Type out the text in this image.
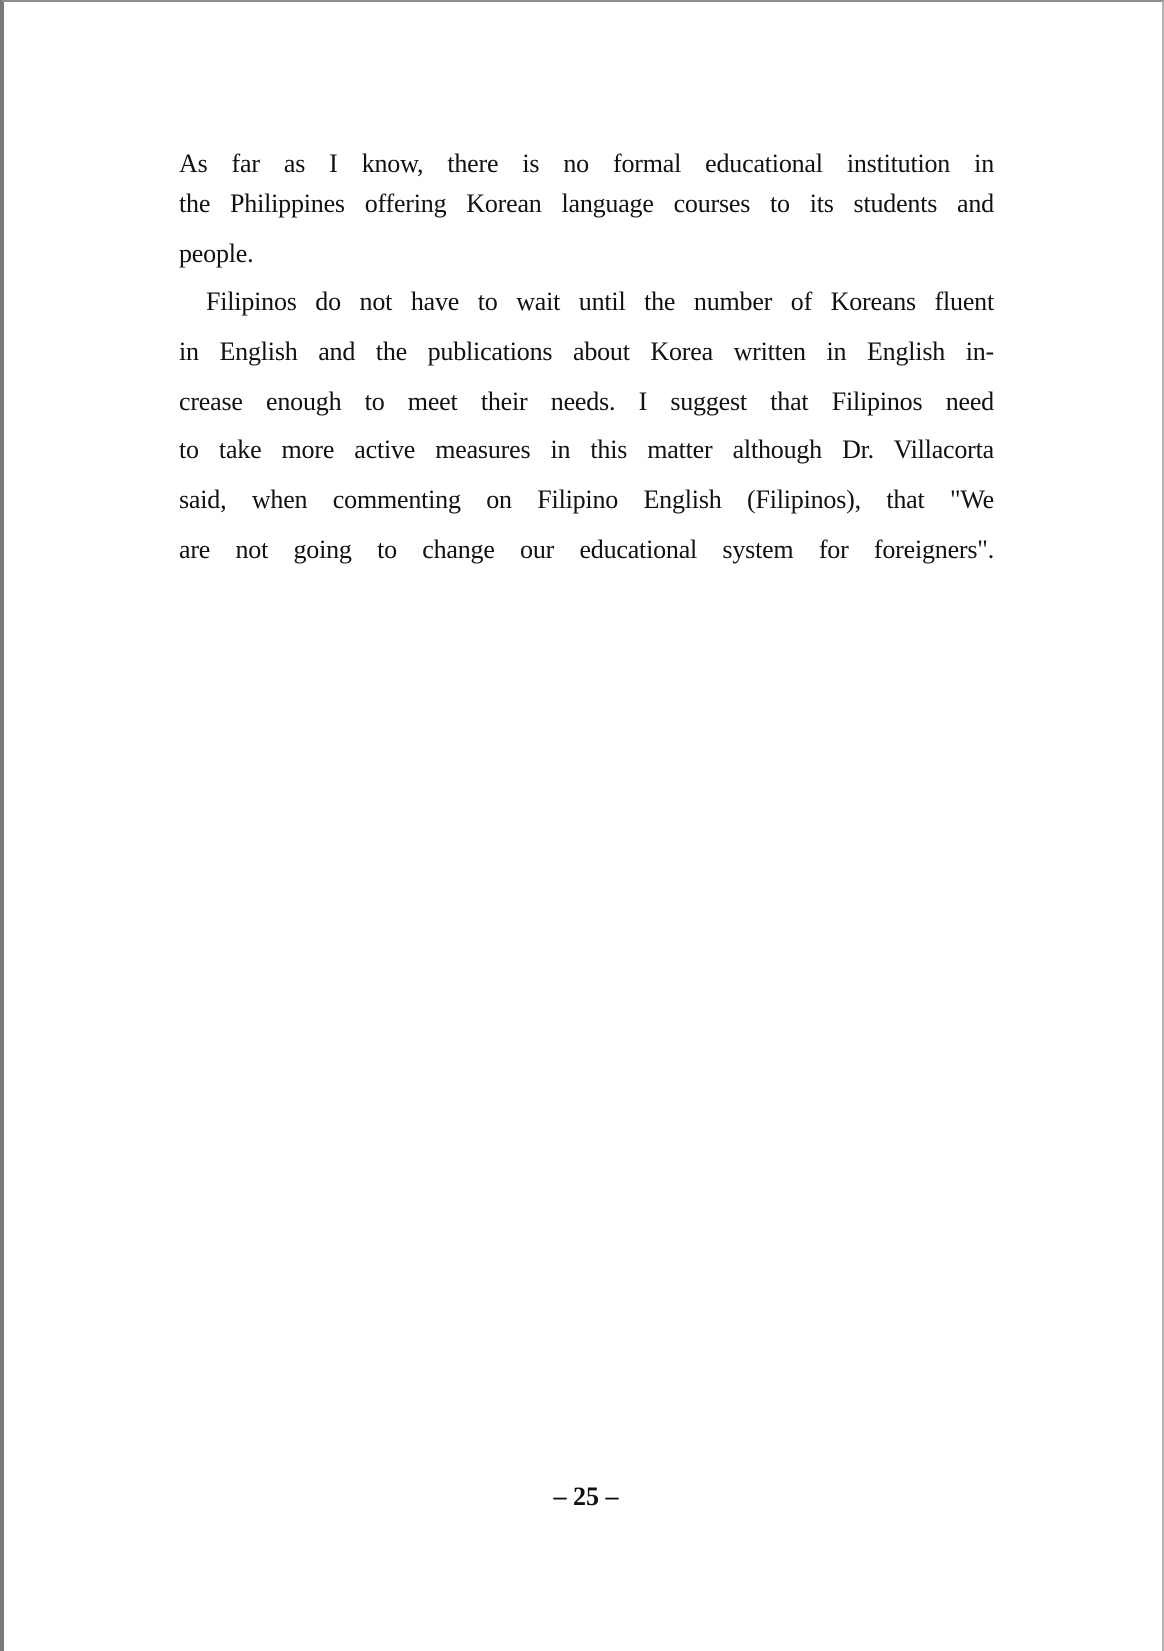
As far as I know, there is no formal educational institution in
the Philippines offering Korean language courses to its students and
people.
Filipinos do not have to wait until the number of Koreans fluent
in English and the publications about Korea written in English in-
crease enough to meet their needs. I suggest that Filipinos need
to take more active measures in this matter although Dr. Villacorta
said, when commenting on Filipino English (Filipinos), that "We
are not going to change our educational system for foreigners".
– 25 –
